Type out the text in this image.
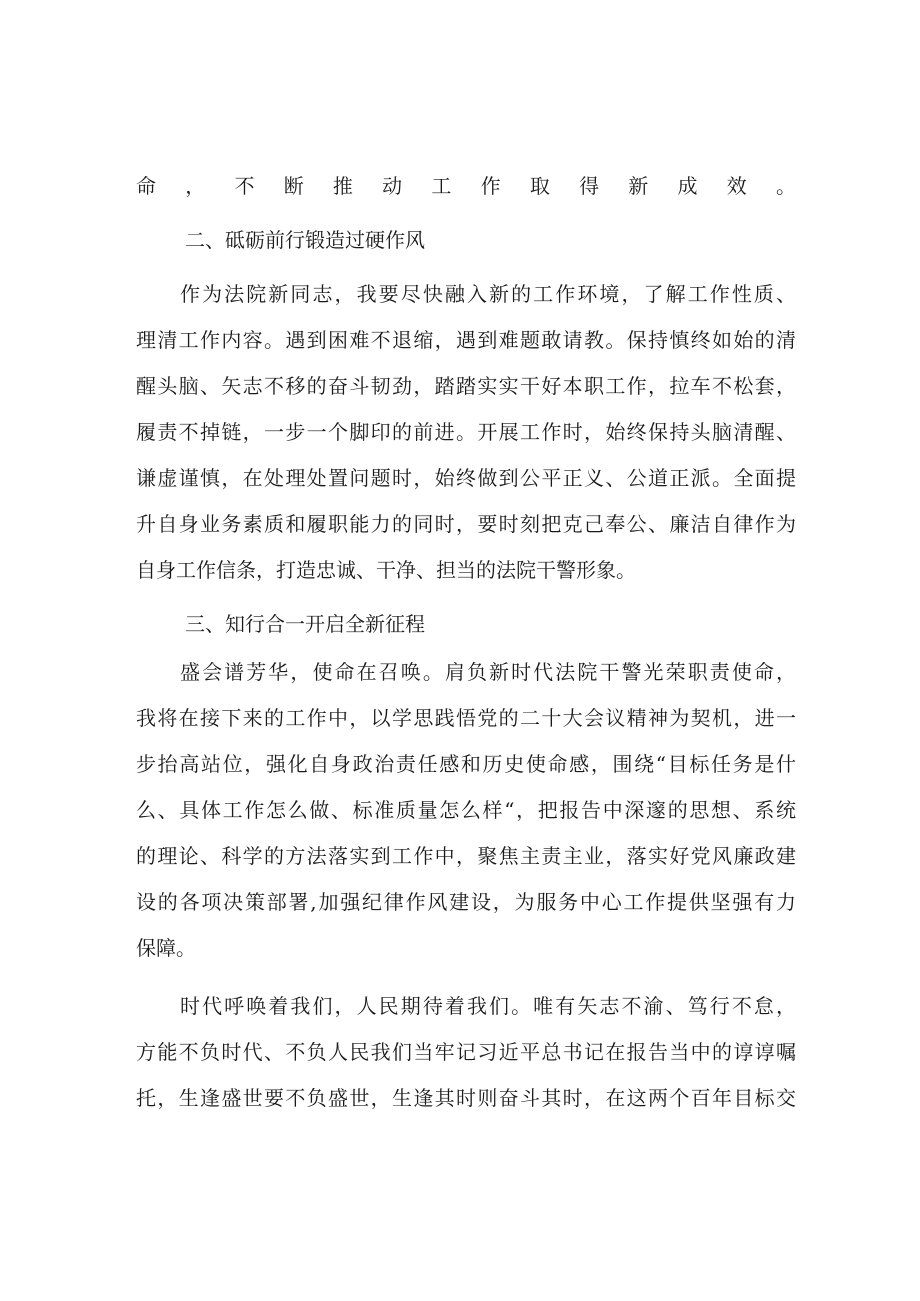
命，不断推动工作取得新成效。

二、砥砺前行锻造过硬作风

作为法院新同志，我要尽快融入新的工作环境，了解工作性质、

理清工作内容。遇到困难不退缩，遇到难题敢请教。保持慎终如始的清

醒头脑、矢志不移的奋斗韧劲，踏踏实实干好本职工作，拉车不松套，

履责不掉链，一步一个脚印的前进。开展工作时，始终保持头脑清醒、

谦虚谨慎，在处理处置问题时，始终做到公平正义、公道正派。全面提

升自身业务素质和履职能力的同时，要时刻把克己奉公、廉洁自律作为

自身工作信条，打造忠诚、干净、担当的法院干警形象。

三、知行合一开启全新征程

盛会谱芳华，使命在召唤。肩负新时代法院干警光荣职责使命，

我将在接下来的工作中，以学思践悟党的二十大会议精神为契机，进一

步抬高站位，强化自身政治责任感和历史使命感，围绕“目标任务是什

么、具体工作怎么做、标准质量怎么样“，把报告中深邃的思想、系统

的理论、科学的方法落实到工作中，聚焦主责主业，落实好党风廉政建

设的各项决策部署,加强纪律作风建设，为服务中心工作提供坚强有力

保障。

时代呼唤着我们，人民期待着我们。唯有矢志不渝、笃行不怠，

方能不负时代、不负人民我们当牢记习近平总书记在报告当中的谆谆嘱

托，生逢盛世要不负盛世，生逢其时则奋斗其时，在这两个百年目标交
